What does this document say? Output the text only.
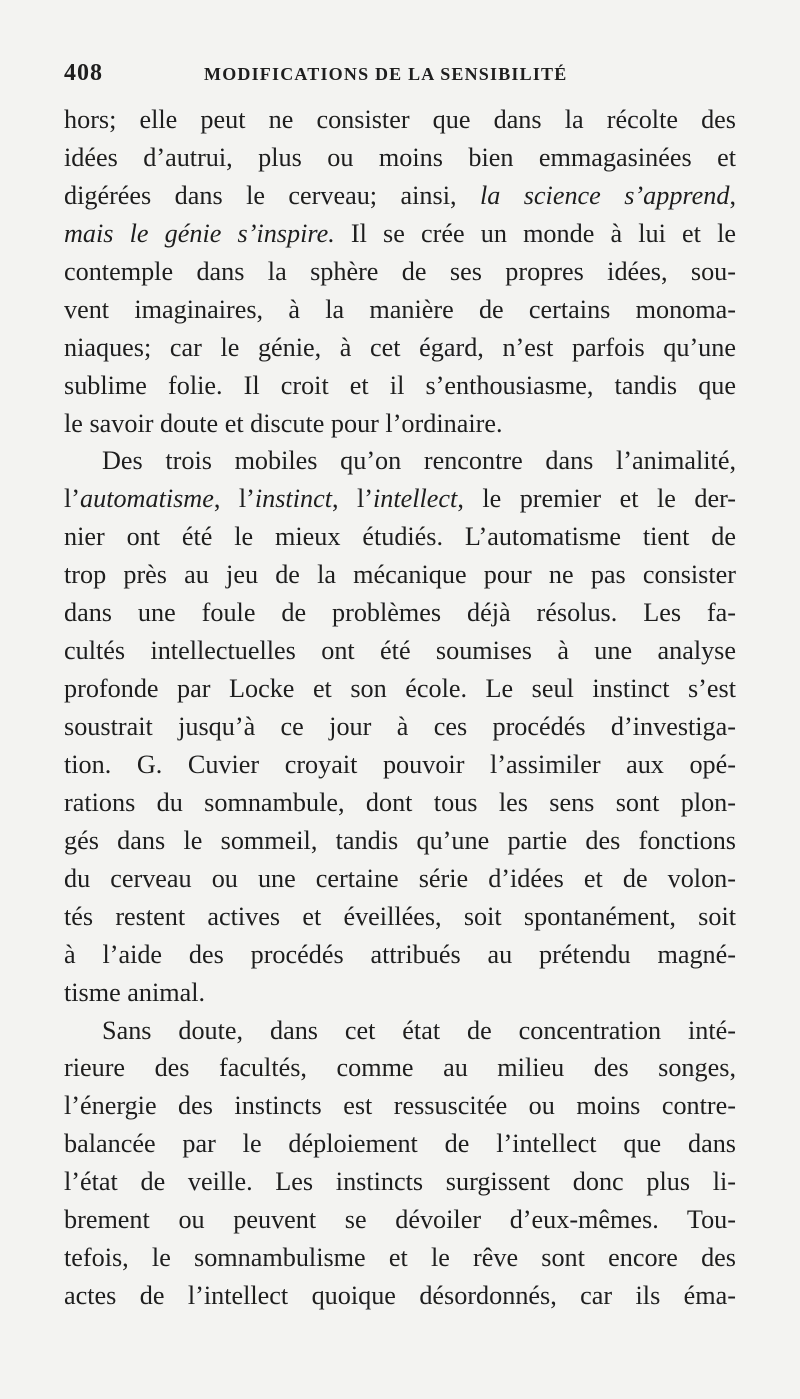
408	MODIFICATIONS DE LA SENSIBILITÉ
hors; elle peut ne consister que dans la récolte des
idées d’autrui, plus ou moins bien emmagasinées et
digérées dans le cerveau; ainsi, la science s’apprend,
mais le génie s’inspire. Il se crée un monde à lui et le
contemple dans la sphère de ses propres idées, sou-
vent imaginaires, à la manière de certains monoma-
niaques; car le génie, à cet égard, n’est parfois qu’une
sublime folie. Il croit et il s’enthousiasme, tandis que
le savoir doute et discute pour l’ordinaire.
Des trois mobiles qu’on rencontre dans l’animalité,
l’automatisme, l’instinct, l’intellect, le premier et le der-
nier ont été le mieux étudiés. L’automatisme tient de
trop près au jeu de la mécanique pour ne pas consister
dans une foule de problèmes déjà résolus. Les fa-
cultés intellectuelles ont été soumises à une analyse
profonde par Locke et son école. Le seul instinct s’est
soustrait jusqu’à ce jour à ces procédés d’investiga-
tion. G. Cuvier croyait pouvoir l’assimiler aux opé-
rations du somnambule, dont tous les sens sont plon-
gés dans le sommeil, tandis qu’une partie des fonctions
du cerveau ou une certaine série d’idées et de volon-
tés restent actives et éveillées, soit spontanément, soit
à l’aide des procédés attribués au prétendu magné-
tisme animal.
Sans doute, dans cet état de concentration inté-
rieure des facultés, comme au milieu des songes,
l’énergie des instincts est ressuscitée ou moins contre-
balancée par le déploiement de l’intellect que dans
l’état de veille. Les instincts surgissent donc plus li-
brement ou peuvent se dévoiler d’eux-mêmes. Tou-
tefois, le somnambulisme et le rêve sont encore des
actes de l’intellect quoique désordonnés, car ils éma-
